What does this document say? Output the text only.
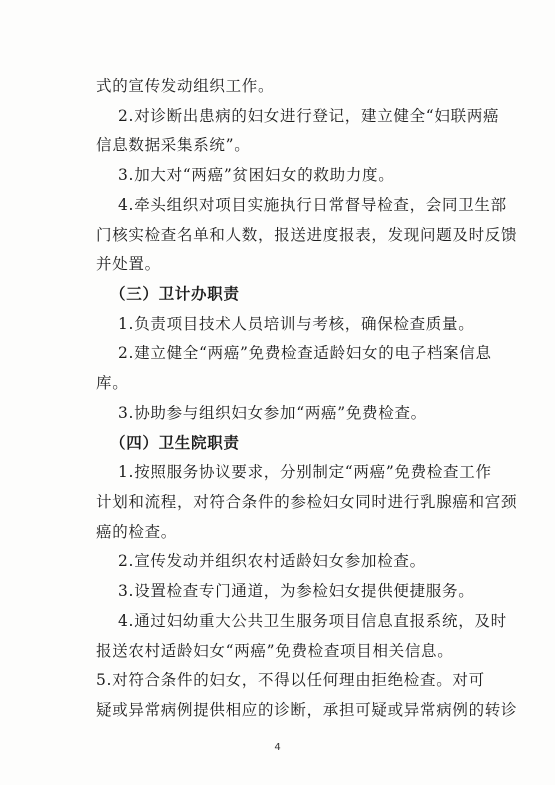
式的宣传发动组织工作。
2.对诊断出患病的妇女进行登记，建立健全“妇联两癌
信息数据采集系统”。
3.加大对“两癌”贫困妇女的救助力度。
4.牵头组织对项目实施执行日常督导检查，会同卫生部
门核实检查名单和人数，报送进度报表，发现问题及时反馈
并处置。
（三）卫计办职责
1.负责项目技术人员培训与考核，确保检查质量。
2.建立健全“两癌”免费检查适龄妇女的电子档案信息
库。
3.协助参与组织妇女参加“两癌”免费检查。
（四）卫生院职责
1.按照服务协议要求，分别制定“两癌”免费检查工作
计划和流程，对符合条件的参检妇女同时进行乳腺癌和宫颈
癌的检查。
2.宣传发动并组织农村适龄妇女参加检查。
3.设置检查专门通道，为参检妇女提供便捷服务。
4.通过妇幼重大公共卫生服务项目信息直报系统，及时
报送农村适龄妇女“两癌”免费检查项目相关信息。
5.对符合条件的妇女，不得以任何理由拒绝检查。对可
疑或异常病例提供相应的诊断，承担可疑或异常病例的转诊
4
